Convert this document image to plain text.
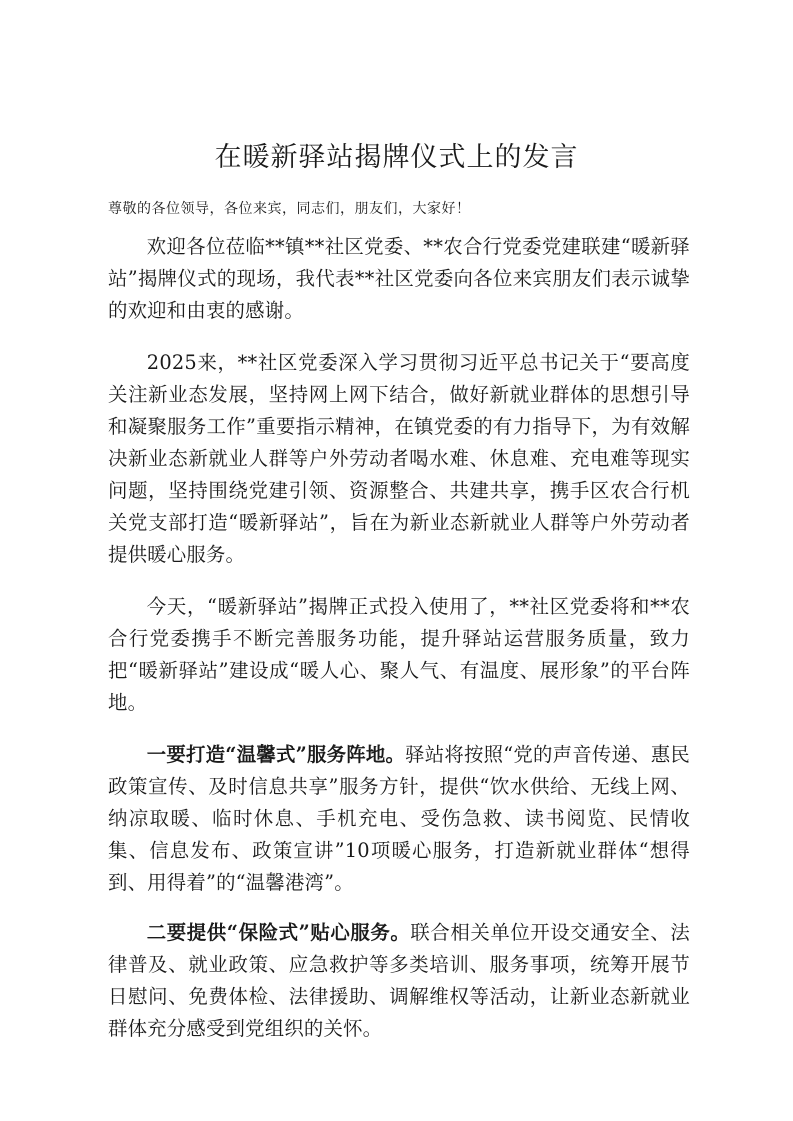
在暖新驿站揭牌仪式上的发言

尊敬的各位领导，各位来宾，同志们，朋友们，大家好！

欢迎各位莅临**镇**社区党委、**农合行党委党建联建“暖新驿站”揭牌仪式的现场，我代表**社区党委向各位来宾朋友们表示诚挚的欢迎和由衷的感谢。

2025来，**社区党委深入学习贯彻习近平总书记关于“要高度关注新业态发展，坚持网上网下结合，做好新就业群体的思想引导和凝聚服务工作”重要指示精神，在镇党委的有力指导下，为有效解决新业态新就业人群等户外劳动者喝水难、休息难、充电难等现实问题，坚持围绕党建引领、资源整合、共建共享，携手区农合行机关党支部打造“暖新驿站”，旨在为新业态新就业人群等户外劳动者提供暖心服务。

今天，“暖新驿站”揭牌正式投入使用了，**社区党委将和**农合行党委携手不断完善服务功能，提升驿站运营服务质量，致力把“暖新驿站”建设成“暖人心、聚人气、有温度、展形象”的平台阵地。

一要打造“温馨式”服务阵地。驿站将按照“党的声音传递、惠民政策宣传、及时信息共享”服务方针，提供“饮水供给、无线上网、纳凉取暖、临时休息、手机充电、受伤急救、读书阅览、民情收集、信息发布、政策宣讲”10项暖心服务，打造新就业群体“想得到、用得着”的“温馨港湾”。

二要提供“保险式”贴心服务。联合相关单位开设交通安全、法律普及、就业政策、应急救护等多类培训、服务事项，统筹开展节日慰问、免费体检、法律援助、调解维权等活动，让新业态新就业群体充分感受到党组织的关怀。
